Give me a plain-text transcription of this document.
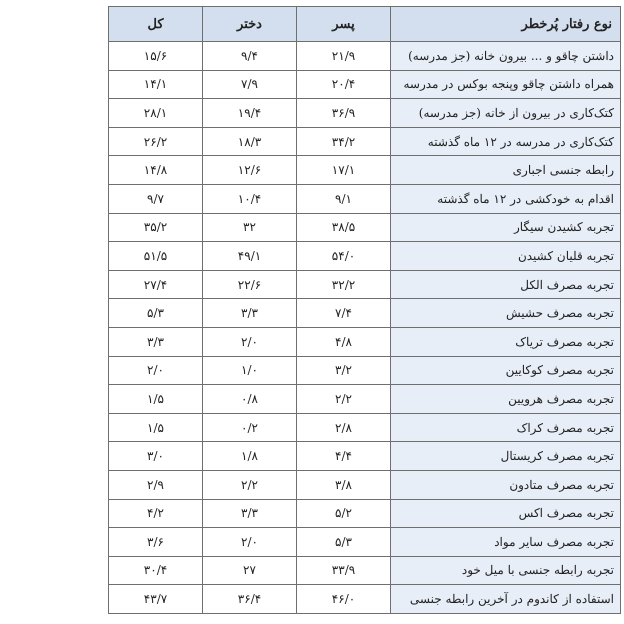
نوع رفتار پُرخطر	پسر	دختر	کل
داشتن چاقو و ... بیرون خانه (جز مدرسه)	۲۱/۹	۹/۴	۱۵/۶
همراه داشتن چاقو وپنجه بوکس در مدرسه	۲۰/۴	۷/۹	۱۴/۱
کتک‌کاری در بیرون از خانه (جز مدرسه)	۳۶/۹	۱۹/۴	۲۸/۱
کتک‌کاری در مدرسه در ۱۲ ماه گذشته	۳۴/۲	۱۸/۳	۲۶/۲
رابطه جنسی اجباری	۱۷/۱	۱۲/۶	۱۴/۸
اقدام به خودکشی در ۱۲ ماه گذشته	۹/۱	۱۰/۴	۹/۷
تجربه کشیدن سیگار	۳۸/۵	۳۲	۳۵/۲
تجربه قلیان کشیدن	۵۴/۰	۴۹/۱	۵۱/۵
تجربه مصرف الکل	۳۲/۲	۲۲/۶	۲۷/۴
تجربه مصرف حشیش	۷/۴	۳/۳	۵/۳
تجربه مصرف تریاک	۴/۸	۲/۰	۳/۳
تجربه مصرف کوکایین	۳/۲	۱/۰	۲/۰
تجربه مصرف هرویین	۲/۲	۰/۸	۱/۵
تجربه مصرف کراک	۲/۸	۰/۲	۱/۵
تجربه مصرف کریستال	۴/۴	۱/۸	۳/۰
تجربه مصرف متادون	۳/۸	۲/۲	۲/۹
تجربه مصرف اکس	۵/۲	۳/۳	۴/۲
تجربه مصرف سایر مواد	۵/۳	۲/۰	۳/۶
تجربه رابطه جنسی با میل خود	۳۳/۹	۲۷	۳۰/۴
استفاده از کاندوم در آخرین رابطه جنسی	۴۶/۰	۳۶/۴	۴۳/۷
